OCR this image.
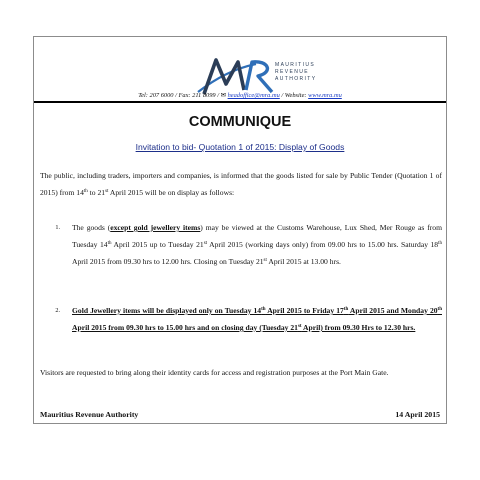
MAURITIUS
REVENUE
AUTHORITY
Tel: 207 6000 / Fax: 211 8099 / ✉ headoffice@mra.mu / Website: www.mra.mu
COMMUNIQUE
Invitation to bid- Quotation 1 of 2015: Display of Goods
The public, including traders, importers and companies, is informed that the goods listed for sale by Public Tender (Quotation 1 of 2015) from 14th to 21st April 2015 will be on display as follows:
1. The goods (except gold jewellery items) may be viewed at the Customs Warehouse, Lux Shed, Mer Rouge as from Tuesday 14th April 2015 up to Tuesday 21st April 2015 (working days only) from 09.00 hrs to 15.00 hrs. Saturday 18th April 2015 from 09.30 hrs to 12.00 hrs. Closing on Tuesday 21st April 2015 at 13.00 hrs.
2. Gold Jewellery items will be displayed only on Tuesday 14th April 2015 to Friday 17th April 2015 and Monday 20th April 2015 from 09.30 hrs to 15.00 hrs and on closing day (Tuesday 21st April) from 09.30 Hrs to 12.30 hrs.
Visitors are requested to bring along their identity cards for access and registration purposes at the Port Main Gate.
Mauritius Revenue Authority	14 April 2015
